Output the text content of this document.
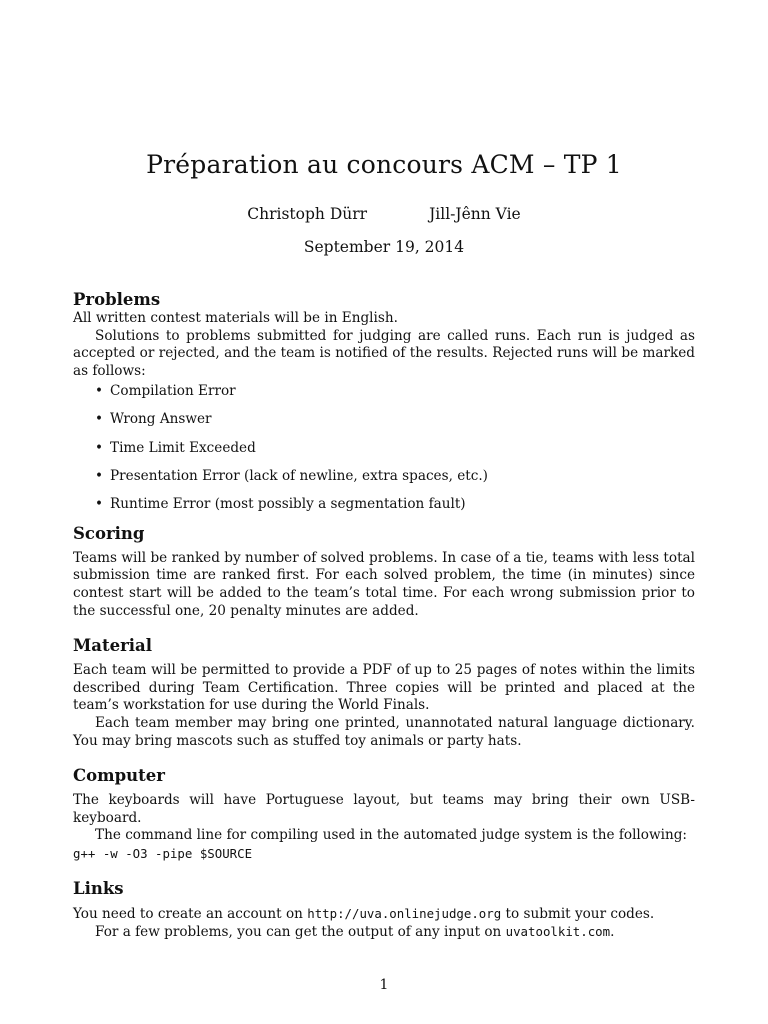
Préparation au concours ACM – TP 1
Christoph Dürr	Jill-Jênn Vie
September 19, 2014
Problems

All written contest materials will be in English.

Solutions to problems submitted for judging are called runs. Each run is judged as accepted or rejected, and the team is notified of the results. Rejected runs will be marked as follows:

• Compilation Error
• Wrong Answer
• Time Limit Exceeded
• Presentation Error (lack of newline, extra spaces, etc.)
• Runtime Error (most possibly a segmentation fault)
Scoring

Teams will be ranked by number of solved problems. In case of a tie, teams with less total submission time are ranked first. For each solved problem, the time (in minutes) since contest start will be added to the team’s total time. For each wrong submission prior to the successful one, 20 penalty minutes are added.

Material

Each team will be permitted to provide a PDF of up to 25 pages of notes within the limits described during Team Certification. Three copies will be printed and placed at the team’s workstation for use during the World Finals.

Each team member may bring one printed, unannotated natural language dictionary. You may bring mascots such as stuffed toy animals or party hats.

Computer

The keyboards will have Portuguese layout, but teams may bring their own USB-keyboard.

The command line for compiling used in the automated judge system is the following:

g++ -w -O3 -pipe $SOURCE

Links

You need to create an account on http://uva.onlinejudge.org to submit your codes.

For a few problems, you can get the output of any input on uvatoolkit.com.

1
